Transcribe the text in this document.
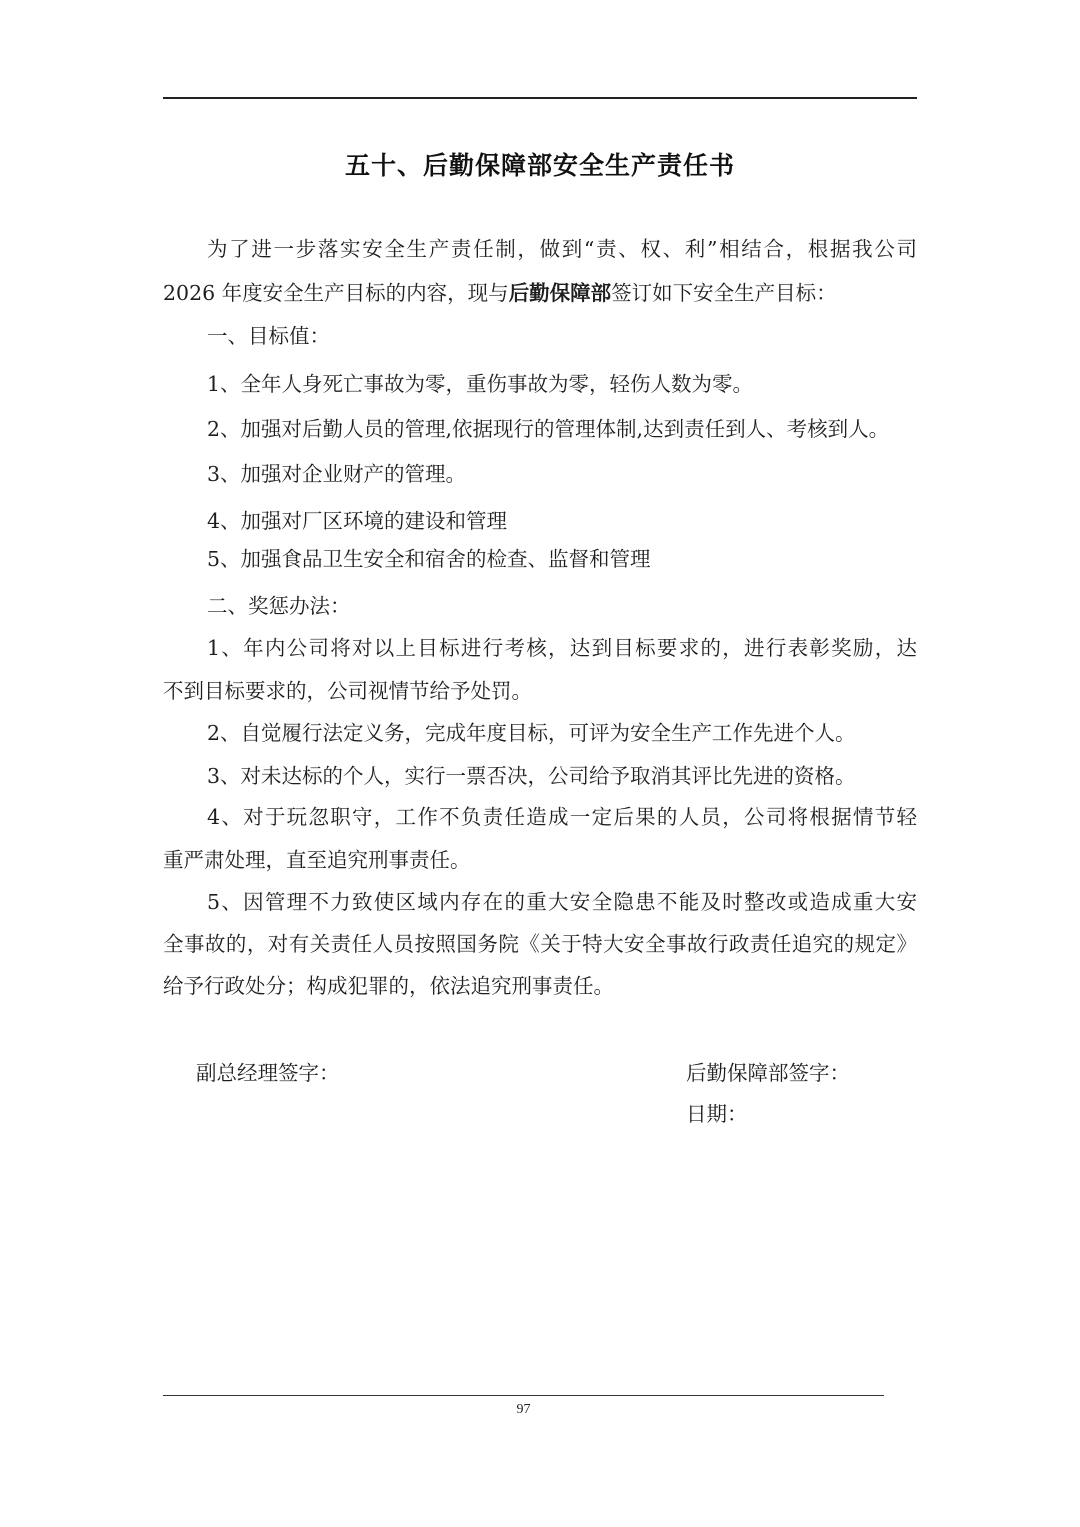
五十、后勤保障部安全生产责任书
为了进一步落实安全生产责任制，做到“责、权、利”相结合，根据我公司
2026 年度安全生产目标的内容，现与后勤保障部签订如下安全生产目标：
一、目标值：
1、全年人身死亡事故为零，重伤事故为零，轻伤人数为零。
2、加强对后勤人员的管理,依据现行的管理体制,达到责任到人、考核到人。
3、加强对企业财产的管理。
4、加强对厂区环境的建设和管理
5、加强食品卫生安全和宿舍的检查、监督和管理
二、奖惩办法：
1、年内公司将对以上目标进行考核，达到目标要求的，进行表彰奖励，达
不到目标要求的，公司视情节给予处罚。
2、自觉履行法定义务，完成年度目标，可评为安全生产工作先进个人。
3、对未达标的个人，实行一票否决，公司给予取消其评比先进的资格。
4、对于玩忽职守，工作不负责任造成一定后果的人员，公司将根据情节轻
重严肃处理，直至追究刑事责任。
5、因管理不力致使区域内存在的重大安全隐患不能及时整改或造成重大安
全事故的，对有关责任人员按照国务院《关于特大安全事故行政责任追究的规定》
给予行政处分；构成犯罪的，依法追究刑事责任。
副总经理签字：	后勤保障部签字：
日期：
97
